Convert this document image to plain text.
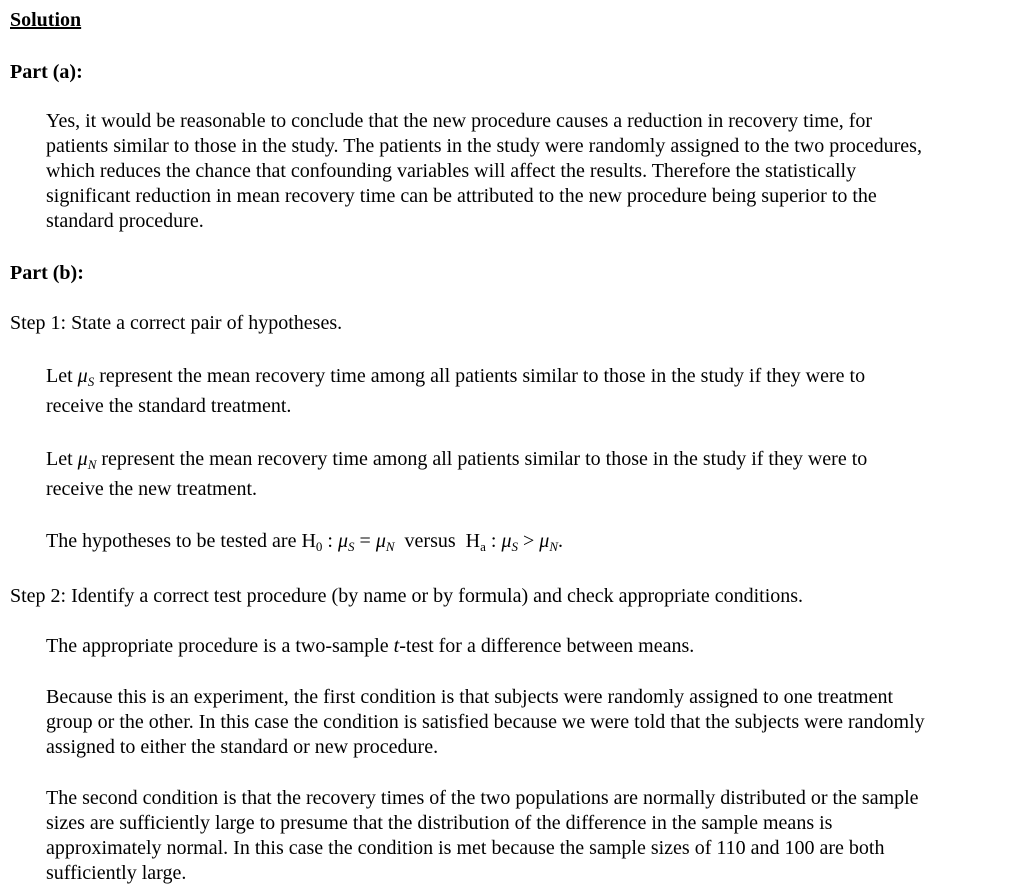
Solution
Part (a):
Yes, it would be reasonable to conclude that the new procedure causes a reduction in recovery time, for
patients similar to those in the study. The patients in the study were randomly assigned to the two procedures,
which reduces the chance that confounding variables will affect the results. Therefore the statistically
significant reduction in mean recovery time can be attributed to the new procedure being superior to the
standard procedure.
Part (b):
Step 1: State a correct pair of hypotheses.
Let $\mu_S$ represent the mean recovery time among all patients similar to those in the study if they were to
receive the standard treatment.
Let $\mu_N$ represent the mean recovery time among all patients similar to those in the study if they were to
receive the new treatment.
The hypotheses to be tested are $H_0$ : $\mu_S = \mu_N$ versus $H_a$ : $\mu_S > \mu_N$.
Step 2: Identify a correct test procedure (by name or by formula) and check appropriate conditions.
The appropriate procedure is a two-sample t-test for a difference between means.
Because this is an experiment, the first condition is that subjects were randomly assigned to one treatment
group or the other. In this case the condition is satisfied because we were told that the subjects were randomly
assigned to either the standard or new procedure.
The second condition is that the recovery times of the two populations are normally distributed or the sample
sizes are sufficiently large to presume that the distribution of the difference in the sample means is
approximately normal. In this case the condition is met because the sample sizes of 110 and 100 are both
sufficiently large.
